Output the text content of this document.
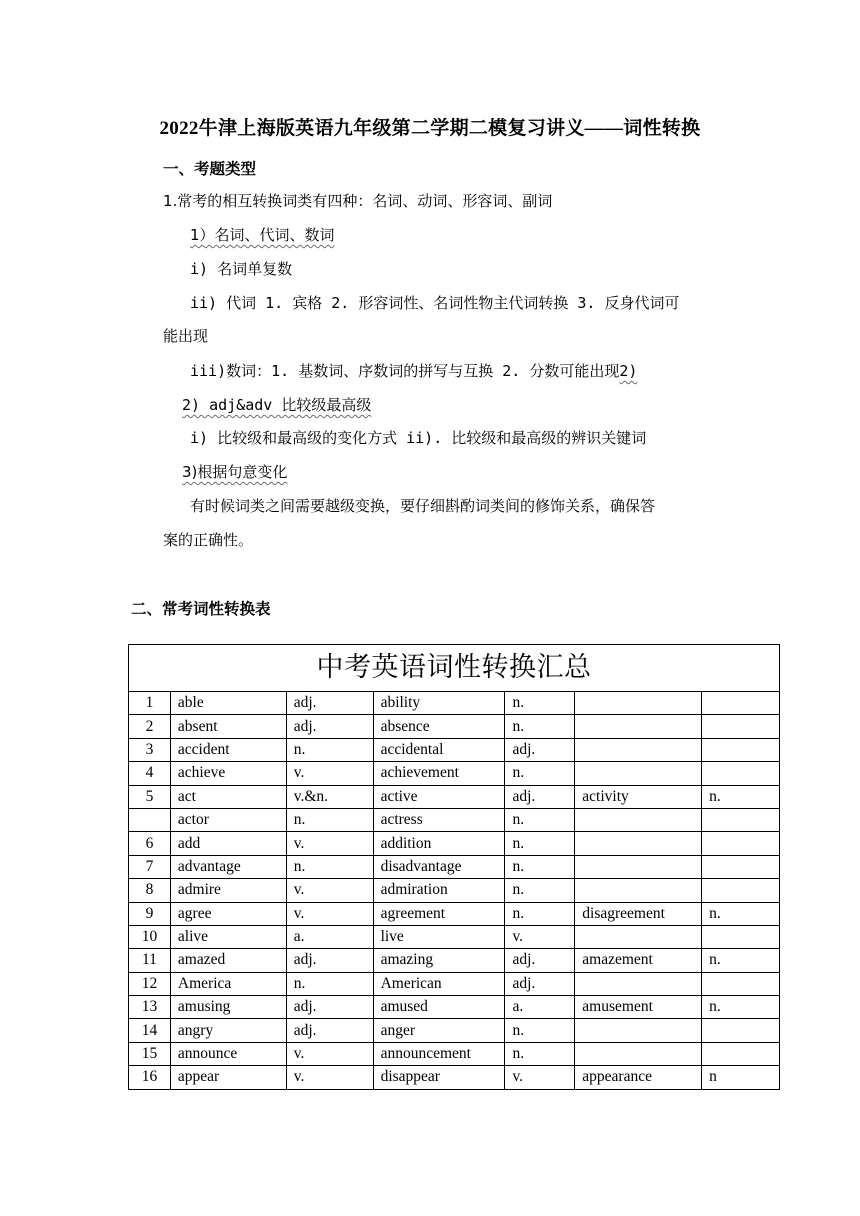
2022牛津上海版英语九年级第二学期二模复习讲义——词性转换
一、考题类型
1.常考的相互转换词类有四种：名词、动词、形容词、副词
1）名词、代词、数词
i) 名词单复数
ii) 代词 1. 宾格 2. 形容词性、名词性物主代词转换 3. 反身代词可
能出现
iii)数词：1. 基数词、序数词的拼写与互换 2. 分数可能出现2)
2) adj&adv 比较级最高级
i) 比较级和最高级的变化方式 ii). 比较级和最高级的辨识关键词
3)根据句意变化
有时候词类之间需要越级变换，要仔细斟酌词类间的修饰关系，确保答
案的正确性。
二、常考词性转换表
中考英语词性转换汇总						
1	able	adj.	ability	n.		
2	absent	adj.	absence	n.		
3	accident	n.	accidental	adj.		
4	achieve	v.	achievement	n.		
5	act	v.&n.	active	adj.	activity	n.
	actor	n.	actress	n.		
6	add	v.	addition	n.		
7	advantage	n.	disadvantage	n.		
8	admire	v.	admiration	n.		
9	agree	v.	agreement	n.	disagreement	n.
10	alive	a.	live	v.		
11	amazed	adj.	amazing	adj.	amazement	n.
12	America	n.	American	adj.		
13	amusing	adj.	amused	a.	amusement	n.
14	angry	adj.	anger	n.		
15	announce	v.	announcement	n.		
16	appear	v.	disappear	v.	appearance	n
